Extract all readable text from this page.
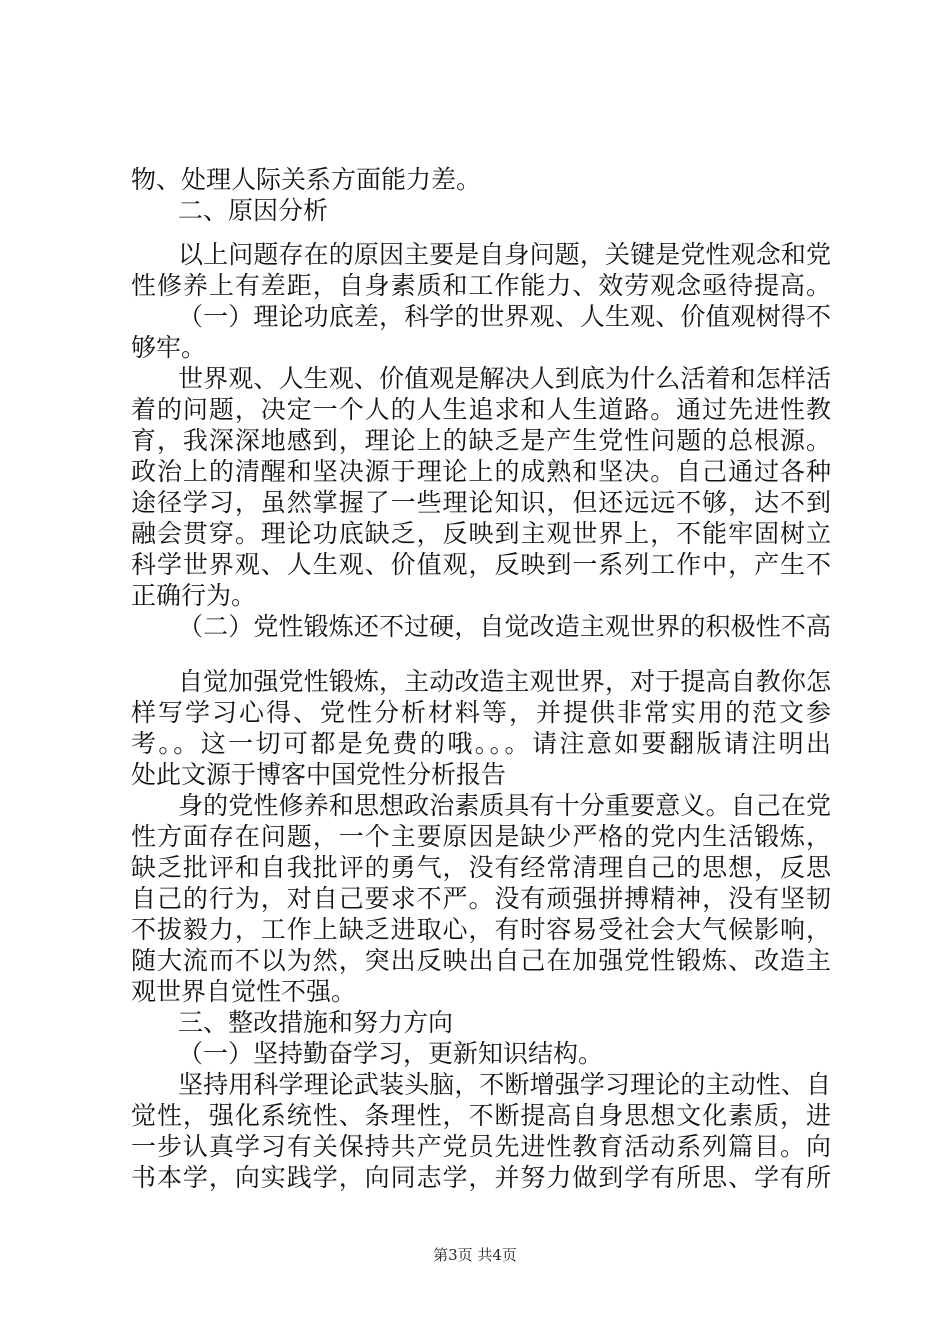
物、处理人际关系方面能力差。
二、原因分析
以上问题存在的原因主要是自身问题，关键是党性观念和党
性修养上有差距，自身素质和工作能力、效劳观念亟待提高。
（一）理论功底差，科学的世界观、人生观、价值观树得不
够牢。
世界观、人生观、价值观是解决人到底为什么活着和怎样活
着的问题，决定一个人的人生追求和人生道路。通过先进性教
育，我深深地感到，理论上的缺乏是产生党性问题的总根源。
政治上的清醒和坚决源于理论上的成熟和坚决。自己通过各种
途径学习，虽然掌握了一些理论知识，但还远远不够，达不到
融会贯穿。理论功底缺乏，反映到主观世界上，不能牢固树立
科学世界观、人生观、价值观，反映到一系列工作中，产生不
正确行为。
（二）党性锻炼还不过硬，自觉改造主观世界的积极性不高
自觉加强党性锻炼，主动改造主观世界，对于提高自教你怎
样写学习心得、党性分析材料等，并提供非常实用的范文参
考。。这一切可都是免费的哦。。。请注意如要翻版请注明出
处此文源于博客中国党性分析报告
身的党性修养和思想政治素质具有十分重要意义。自己在党
性方面存在问题，一个主要原因是缺少严格的党内生活锻炼，
缺乏批评和自我批评的勇气，没有经常清理自己的思想，反思
自己的行为，对自己要求不严。没有顽强拼搏精神，没有坚韧
不拔毅力，工作上缺乏进取心，有时容易受社会大气候影响，
随大流而不以为然，突出反映出自己在加强党性锻炼、改造主
观世界自觉性不强。
三、整改措施和努力方向
（一）坚持勤奋学习，更新知识结构。
坚持用科学理论武装头脑，不断增强学习理论的主动性、自
觉性，强化系统性、条理性，不断提高自身思想文化素质，进
一步认真学习有关保持共产党员先进性教育活动系列篇目。向
书本学，向实践学，向同志学，并努力做到学有所思、学有所
第3页 共4页
